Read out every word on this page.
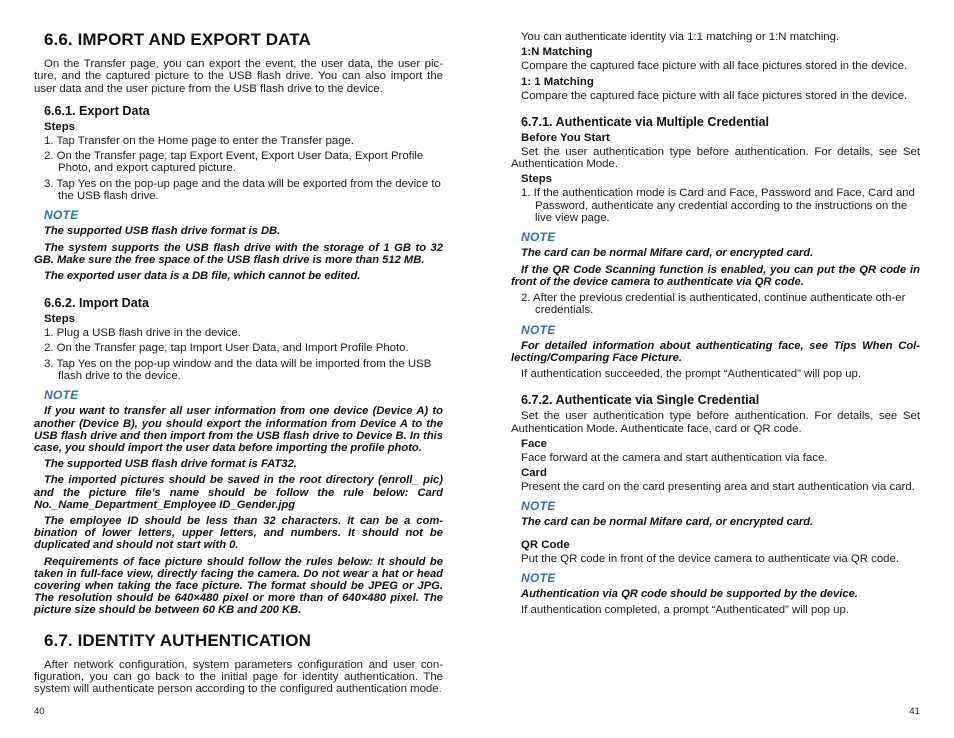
6.6. IMPORT AND EXPORT DATA

On the Transfer page, you can export the event, the user data, the user pic-ture, and the captured picture to the USB flash drive. You can also import the user data and the user picture from the USB flash drive to the device.

6.6.1. Export Data
Steps
1. Tap Transfer on the Home page to enter the Transfer page.
2. On the Transfer page, tap Export Event, Export User Data, Export Profile Photo, and export captured picture.
3. Tap Yes on the pop-up page and the data will be exported from the device to the USB flash drive.
NOTE
The supported USB flash drive format is DB.
The system supports the USB flash drive with the storage of 1 GB to 32 GB. Make sure the free space of the USB flash drive is more than 512 MB.
The exported user data is a DB file, which cannot be edited.
6.6.2. Import Data
Steps
1. Plug a USB flash drive in the device.
2. On the Transfer page, tap Import User Data, and Import Profile Photo.
3. Tap Yes on the pop-up window and the data will be imported from the USB flash drive to the device.
NOTE
If you want to transfer all user information from one device (Device A) to another (Device B), you should export the information from Device A to the USB flash drive and then import from the USB flash drive to Device B. In this case, you should import the user data before importing the profile photo.
The supported USB flash drive format is FAT32.
The imported pictures should be saved in the root directory (enroll_ pic) and the picture file’s name should be follow the rule below: Card No._Name_Department_Employee ID_Gender.jpg
The employee ID should be less than 32 characters. It can be a com-bination of lower letters, upper letters, and numbers. It should not be duplicated and should not start with 0.
Requirements of face picture should follow the rules below: It should be taken in full-face view, directly facing the camera. Do not wear a hat or head covering when taking the face picture. The format should be JPEG or JPG. The resolution should be 640×480 pixel or more than of 640×480 pixel. The picture size should be between 60 KB and 200 KB.
6.7. IDENTITY AUTHENTICATION

After network configuration, system parameters configuration and user con-figuration, you can go back to the initial page for identity authentication. The system will authenticate person according to the configured authentication mode.

40

You can authenticate identity via 1:1 matching or 1:N matching.

1:N Matching

Compare the captured face picture with all face pictures stored in the device.

1: 1 Matching

Compare the captured face picture with all face pictures stored in the device.

6.7.1. Authenticate via Multiple Credential
Before You Start

Set the user authentication type before authentication. For details, see Set Authentication Mode.

Steps
1. If the authentication mode is Card and Face, Password and Face, Card and Password, authenticate any credential according to the instructions on the live view page.
NOTE
The card can be normal Mifare card, or encrypted card.
If the QR Code Scanning function is enabled, you can put the QR code in front of the device camera to authenticate via QR code.
2. After the previous credential is authenticated, continue authenticate oth-er credentials.
NOTE
For detailed information about authenticating face, see Tips When Col-lecting/Comparing Face Picture.

If authentication succeeded, the prompt “Authenticated” will pop up.

6.7.2. Authenticate via Single Credential

Set the user authentication type before authentication. For details, see Set Authentication Mode. Authenticate face, card or QR code.

Face

Face forward at the camera and start authentication via face.

Card

Present the card on the card presenting area and start authentication via card.

NOTE
The card can be normal Mifare card, or encrypted card.
QR Code

Put the QR code in front of the device camera to authenticate via QR code.

NOTE
Authentication via QR code should be supported by the device.

If authentication completed, a prompt “Authenticated” will pop up.

41
